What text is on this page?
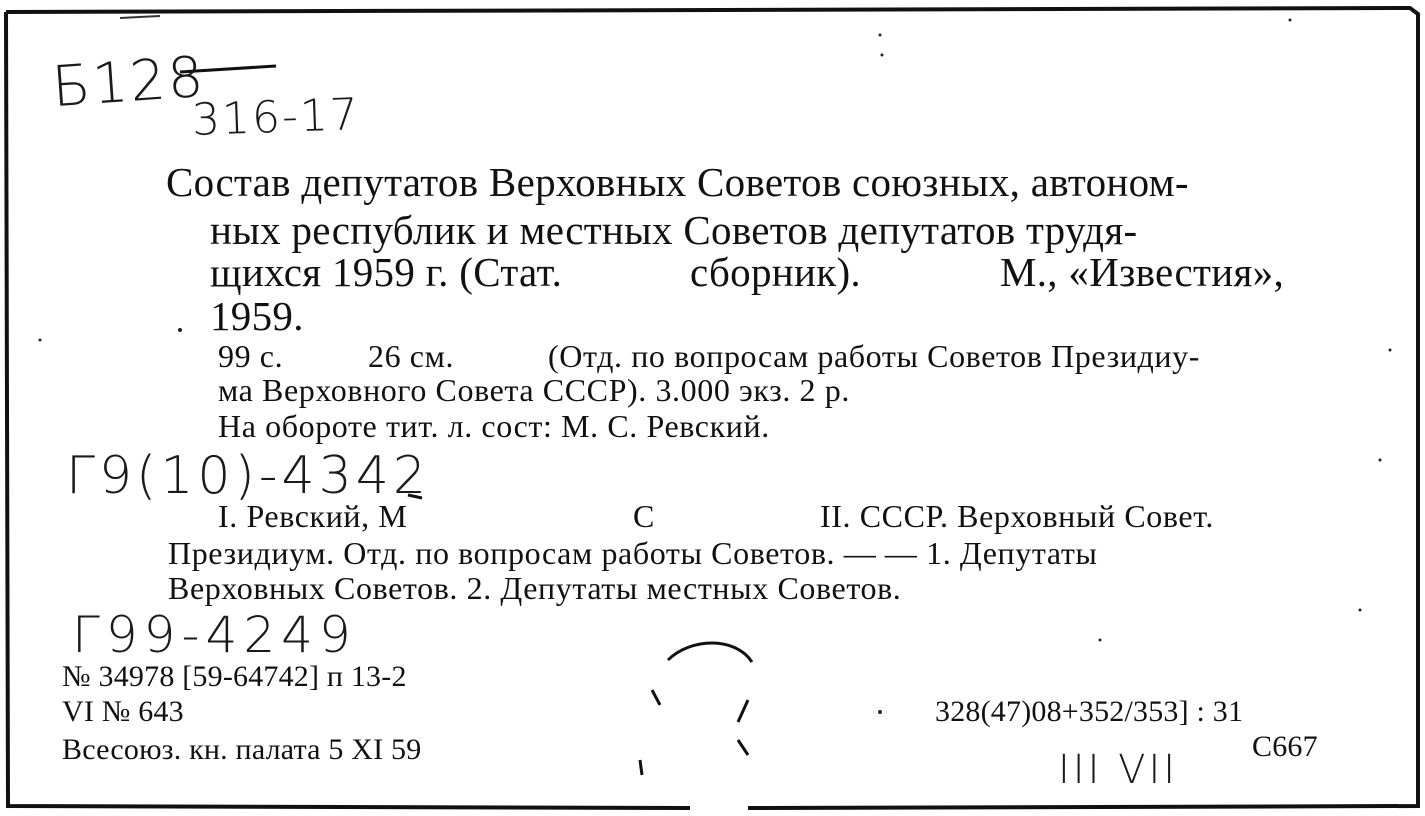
Б128
316-17
Состав депутатов Верховных Советов союзных, автоном-
ных республик и местных Советов депутатов трудя-
щихся 1959 г. (Стат.	сборник).	М., «Известия»,
1959.
99 с.	26 см.	(Отд. по вопросам работы Советов Президиу-
ма Верховного Совета СССР). 3.000 экз. 2 р.
На обороте тит. л. сост: М. С. Ревский.
Г9(10)-4342
I. Ревский, М	С	II. СССР. Верховный Совет.
Президиум. Отд. по вопросам работы Советов. — — 1. Депутаты
Верховных Советов. 2. Депутаты местных Советов.
Г99-4249
№ 34978 [59-64742] п 13-2
VI № 643
Всесоюз. кн. палата 5 XI 59
328(47)08+352/353] : 31
С667
III VII
